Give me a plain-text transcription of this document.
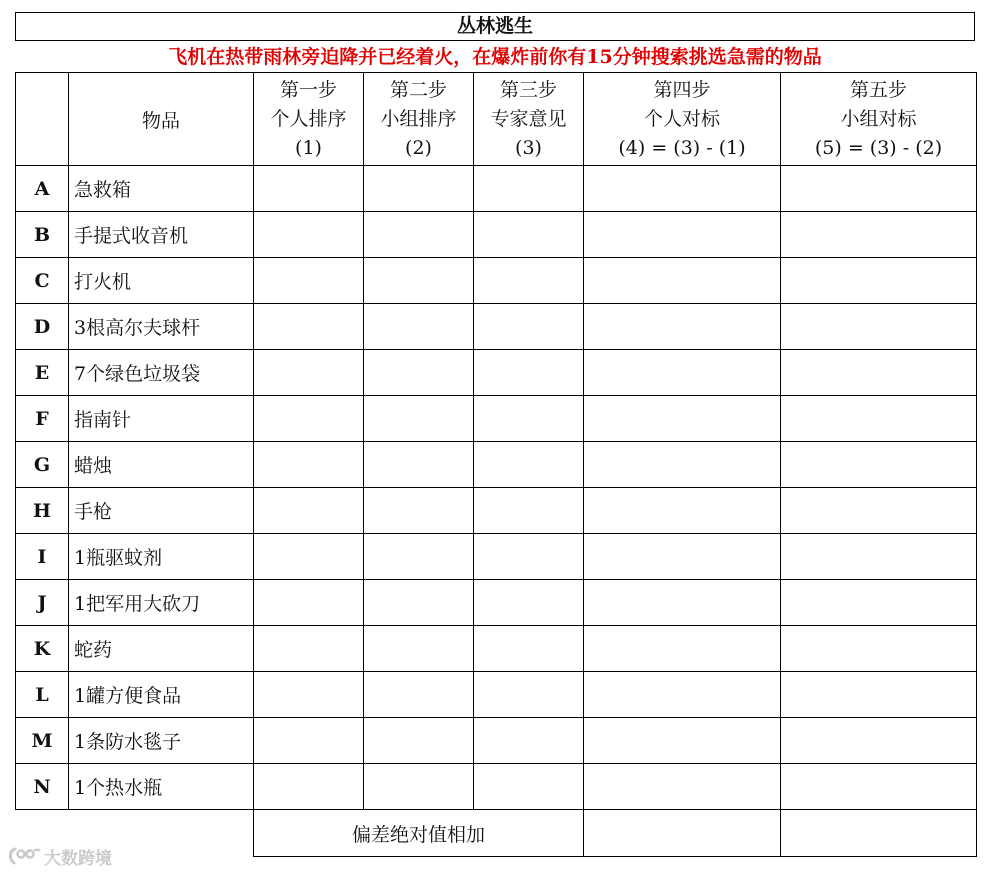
丛林逃生
飞机在热带雨林旁迫降并已经着火，在爆炸前你有15分钟搜索挑选急需的物品
	物品	第一步
个人排序
(1)	第二步
小组排序
(2)	第三步
专家意见
(3)	第四步
个人对标
(4) = (3) - (1)	第五步
小组对标
(5) = (3) - (2)

A	急救箱					
B	手提式收音机					
C	打火机					
D	3根高尔夫球杆					
E	7个绿色垃圾袋					
F	指南针					
G	蜡烛					
H	手枪					
I	1瓶驱蚊剂					
J	1把军用大砍刀					
K	蛇药					
L	1罐方便食品					
M	1条防水毯子					
N	1个热水瓶					
		偏差绝对值相加				
大数跨境
